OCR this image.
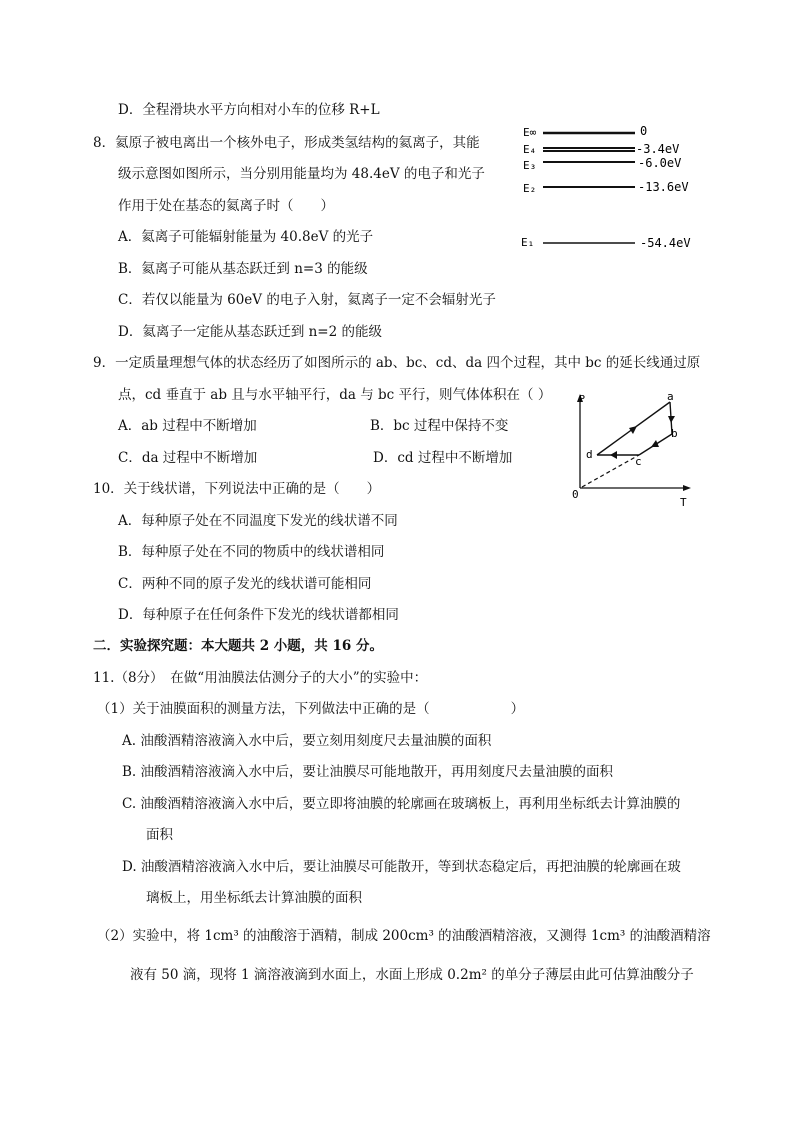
D．全程滑块水平方向相对小车的位移 R+L
8．氦原子被电离出一个核外电子，形成类氢结构的氦离子，其能
级示意图如图所示，当分别用能量均为 48.4eV 的电子和光子
作用于处在基态的氦离子时（　　）
A．氦离子可能辐射能量为 40.8eV 的光子
B．氦离子可能从基态跃迁到 n=3 的能级
C．若仅以能量为 60eV 的电子入射，氦离子一定不会辐射光子
D．氦离子一定能从基态跃迁到 n=2 的能级
E∞	0
E₄	-3.4eV
E₃	-6.0eV
E₂	-13.6eV
E₁	-54.4eV
9．一定质量理想气体的状态经历了如图所示的 ab、bc、cd、da 四个过程，其中 bc 的延长线通过原
点，cd 垂直于 ab 且与水平轴平行，da 与 bc 平行，则气体体积在（ ）
A．ab 过程中不断增加	B．bc 过程中保持不变
C．da 过程中不断增加	D．cd 过程中不断增加
P
T
0
a
b
c
d
10．关于线状谱，下列说法中正确的是（　　）
A．每种原子处在不同温度下发光的线状谱不同
B．每种原子处在不同的物质中的线状谱相同
C．两种不同的原子发光的线状谱可能相同
D．每种原子在任何条件下发光的线状谱都相同
二．实验探究题：本大题共 2 小题，共 16 分。
11.（8分）　在做“用油膜法估测分子的大小”的实验中：
（1）关于油膜面积的测量方法，下列做法中正确的是（　　　　　　）
A. 油酸酒精溶液滴入水中后，要立刻用刻度尺去量油膜的面积
B. 油酸酒精溶液滴入水中后，要让油膜尽可能地散开，再用刻度尺去量油膜的面积
C. 油酸酒精溶液滴入水中后，要立即将油膜的轮廓画在玻璃板上，再利用坐标纸去计算油膜的
面积
D. 油酸酒精溶液滴入水中后，要让油膜尽可能散开，等到状态稳定后，再把油膜的轮廓画在玻
璃板上，用坐标纸去计算油膜的面积
（2）实验中，将 1cm³ 的油酸溶于酒精，制成 200cm³ 的油酸酒精溶液，又测得 1cm³ 的油酸酒精溶
液有 50 滴，现将 1 滴溶液滴到水面上，水面上形成 0.2m² 的单分子薄层由此可估算油酸分子
